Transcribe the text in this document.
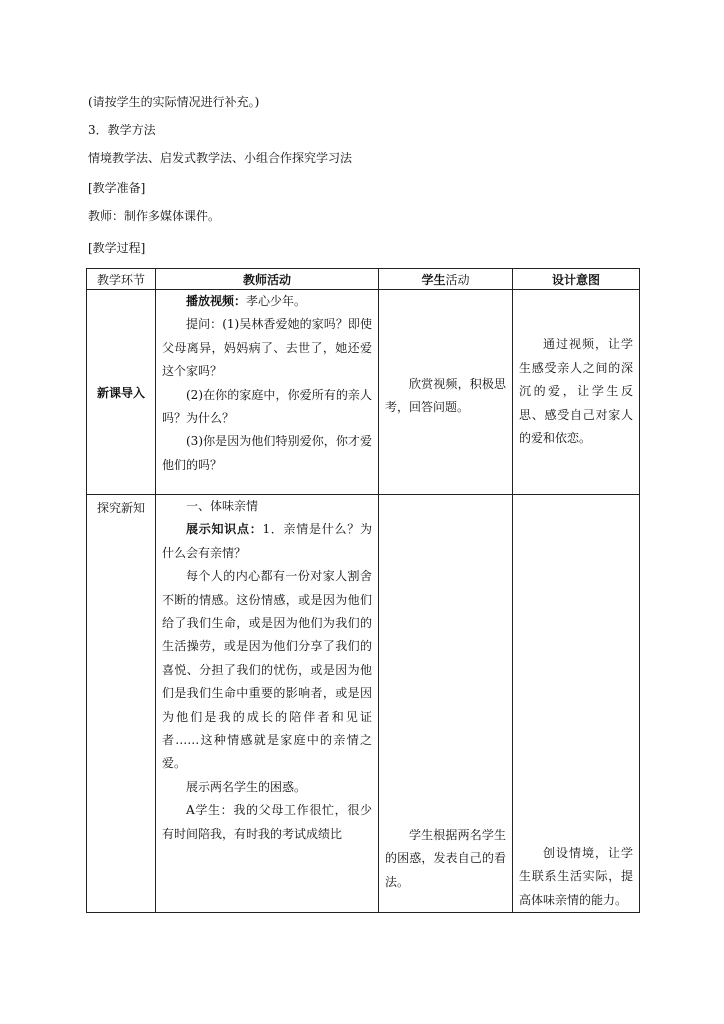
(请按学生的实际情况进行补充。)
3．教学方法
情境教学法、启发式教学法、小组合作探究学习法
[教学准备]
教师：制作多媒体课件。
[教学过程]
教学环节	教师活动	学生活动	设计意图
新课导入	播放视频：孝心少年。

提问：(1)吴林香爱她的家吗？即使父母离异，妈妈病了、去世了，她还爱这个家吗？

(2)在你的家庭中，你爱所有的亲人吗？为什么？

(3)你是因为他们特别爱你，你才爱他们的吗？	欣赏视频，积极思考，回答问题。	通过视频，让学生感受亲人之间的深沉的爱，让学生反思、感受自己对家人的爱和依恋。

探究新知	一、体味亲情

展示知识点：1．亲情是什么？为什么会有亲情？

每个人的内心都有一份对家人割舍不断的情感。这份情感，或是因为他们给了我们生命，或是因为他们为我们的生活操劳，或是因为他们分享了我们的喜悦、分担了我们的忧伤，或是因为他们是我们生命中重要的影响者，或是因为他们是我的成长的陪伴者和见证者……这种情感就是家庭中的亲情之爱。

展示两名学生的困惑。

A学生：我的父母工作很忙，很少有时间陪我，有时我的考试成绩比	学生根据两名学生的困惑，发表自己的看法。	创设情境，让学生联系生活实际，提高体味亲情的能力。
